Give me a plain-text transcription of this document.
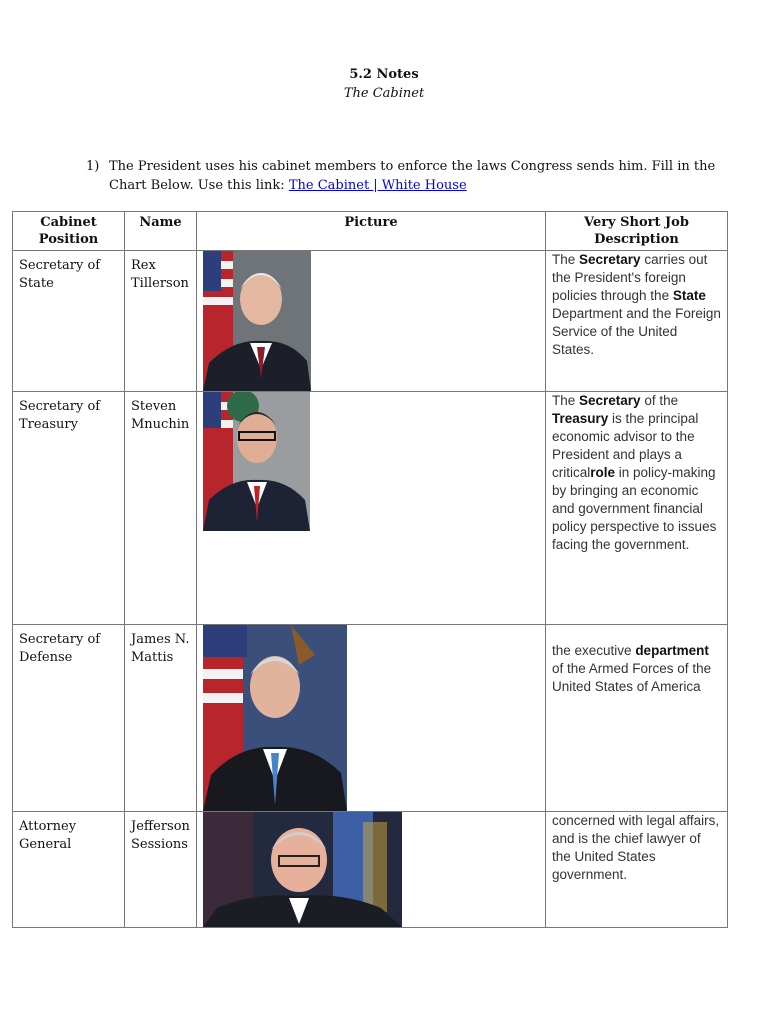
5.2 Notes
The Cabinet
1) The President uses his cabinet members to enforce the laws Congress sends him. Fill in the
Chart Below. Use this link: The Cabinet | White House
Cabinet Position	Name	Picture	Very Short Job Description
Secretary of State	Rex Tillerson		The Secretary carries out the President's foreign policies through the State Department and the Foreign Service of the United States.
Secretary of Treasury	Steven Mnuchin		The Secretary of the Treasury is the principal economic advisor to the President and plays a criticalrole in policy-making by bringing an economic and government financial policy perspective to issues facing the government.
Secretary of Defense	James N. Mattis		the executive department of the Armed Forces of the United States of America
Attorney General	Jefferson Sessions		concerned with legal affairs, and is the chief lawyer of the United States government.
